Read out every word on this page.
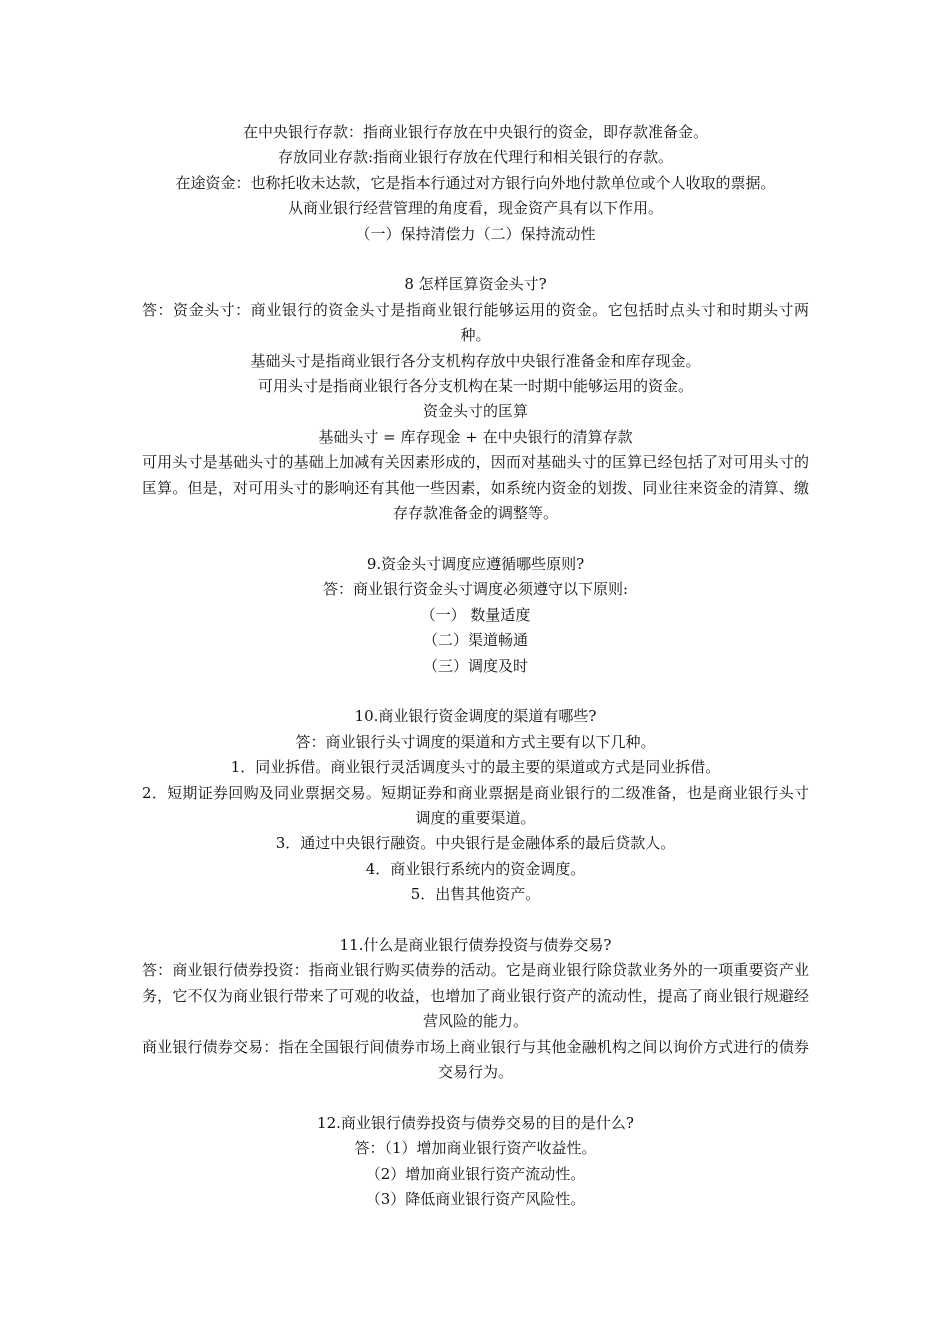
在中央银行存款：指商业银行存放在中央银行的资金，即存款准备金。
存放同业存款:指商业银行存放在代理行和相关银行的存款。
在途资金：也称托收未达款，它是指本行通过对方银行向外地付款单位或个人收取的票据。
从商业银行经营管理的角度看，现金资产具有以下作用。
（一）保持清偿力（二）保持流动性
8 怎样匡算资金头寸?
答：资金头寸：商业银行的资金头寸是指商业银行能够运用的资金。它包括时点头寸和时期头寸两种。
基础头寸是指商业银行各分支机构存放中央银行准备金和库存现金。
可用头寸是指商业银行各分支机构在某一时期中能够运用的资金。
资金头寸的匡算
基础头寸 = 库存现金 + 在中央银行的清算存款
可用头寸是基础头寸的基础上加减有关因素形成的，因而对基础头寸的匡算已经包括了对可用头寸的匡算。但是，对可用头寸的影响还有其他一些因素，如系统内资金的划拨、同业往来资金的清算、缴存存款准备金的调整等。
9.资金头寸调度应遵循哪些原则?
答：商业银行资金头寸调度必须遵守以下原则:
（一） 数量适度
（二）渠道畅通
（三）调度及时
10.商业银行资金调度的渠道有哪些?
答：商业银行头寸调度的渠道和方式主要有以下几种。
1．同业拆借。商业银行灵活调度头寸的最主要的渠道或方式是同业拆借。
2．短期证券回购及同业票据交易。短期证券和商业票据是商业银行的二级准备，也是商业银行头寸调度的重要渠道。
3．通过中央银行融资。中央银行是金融体系的最后贷款人。
4．商业银行系统内的资金调度。
5．出售其他资产。
11.什么是商业银行债券投资与债券交易?
答：商业银行债券投资：指商业银行购买债券的活动。它是商业银行除贷款业务外的一项重要资产业务，它不仅为商业银行带来了可观的收益，也增加了商业银行资产的流动性，提高了商业银行规避经营风险的能力。
商业银行债券交易：指在全国银行间债券市场上商业银行与其他金融机构之间以询价方式进行的债券交易行为。
12.商业银行债券投资与债券交易的目的是什么?
答：（1）增加商业银行资产收益性。
（2）增加商业银行资产流动性。
（3）降低商业银行资产风险性。
